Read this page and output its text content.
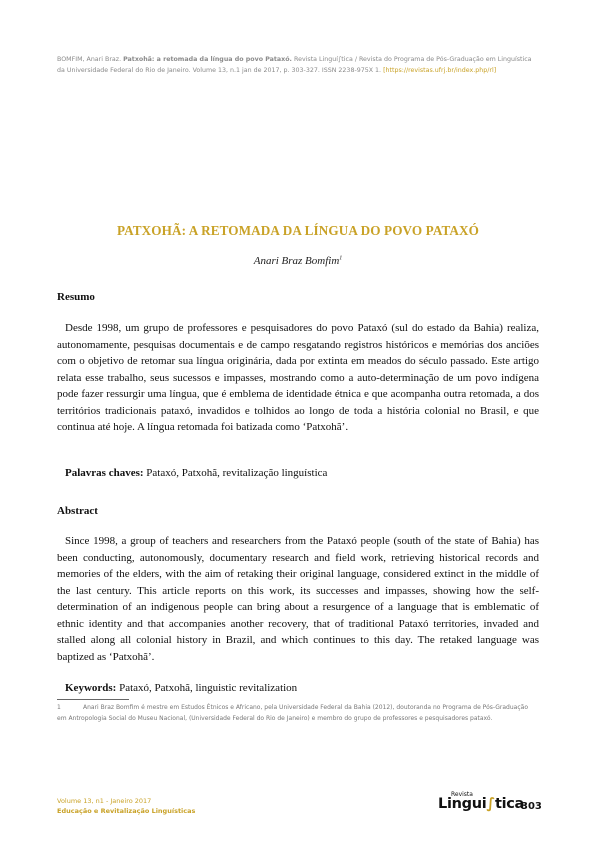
BOMFIM, Anari Braz. Patxohã: a retomada da língua do povo Pataxó. Revista Linguí∫tica / Revista do Programa de Pós-Graduação em Linguística da Universidade Federal do Rio de Janeiro. Volume 13, n.1 jan de 2017, p. 303-327. ISSN 2238-975X 1. [https://revistas.ufrj.br/index.php/rl]
PATXOHÃ: A RETOMADA DA LÍNGUA DO POVO PATAXÓ
Anari Braz Bomfim$^1$
Resumo

Desde 1998, um grupo de professores e pesquisadores do povo Pataxó (sul do estado da Bahia) realiza, autonomamente, pesquisas documentais e de campo resgatando registros históricos e memórias dos anciões com o objetivo de retomar sua língua originária, dada por extinta em meados do século passado. Este artigo relata esse trabalho, seus sucessos e impasses, mostrando como a auto-determinação de um povo indígena pode fazer ressurgir uma língua, que é emblema de identidade étnica e que acompanha outra retomada, a dos territórios tradicionais pataxó, invadidos e tolhidos ao longo de toda a história colonial no Brasil, e que continua até hoje. A língua retomada foi batizada como ‘Patxohã’.

Palavras chaves: Pataxó, Patxohã, revitalização linguística
Abstract

Since 1998, a group of teachers and researchers from the Pataxó people (south of the state of Bahia) has been conducting, autonomously, documentary research and field work, retrieving historical records and memories of the elders, with the aim of retaking their original language, considered extinct in the middle of the last century. This article reports on this work, its successes and impasses, showing how the self-determination of an indigenous people can bring about a resurgence of a language that is emblematic of ethnic identity and that accompanies another recovery, that of traditional Pataxó territories, invaded and stalled along all colonial history in Brazil, and which continues to this day. The retaked language was baptized as ‘Patxohã’.

Keywords: Pataxó, Patxohã, linguistic revitalization
1	Anari Braz Bomfim é mestre em Estudos Étnicos e Africano, pela Universidade Federal da Bahia (2012), doutoranda no Programa de Pós-Graduação em Antropologia Social do Museu Nacional, (Universidade Federal do Rio de Janeiro) e membro do grupo de professores e pesquisadores pataxó.
Volume 13, n1 - Janeiro 2017
Educação e Revitalização Linguísticas
Revista
Lingui∫tica
303
